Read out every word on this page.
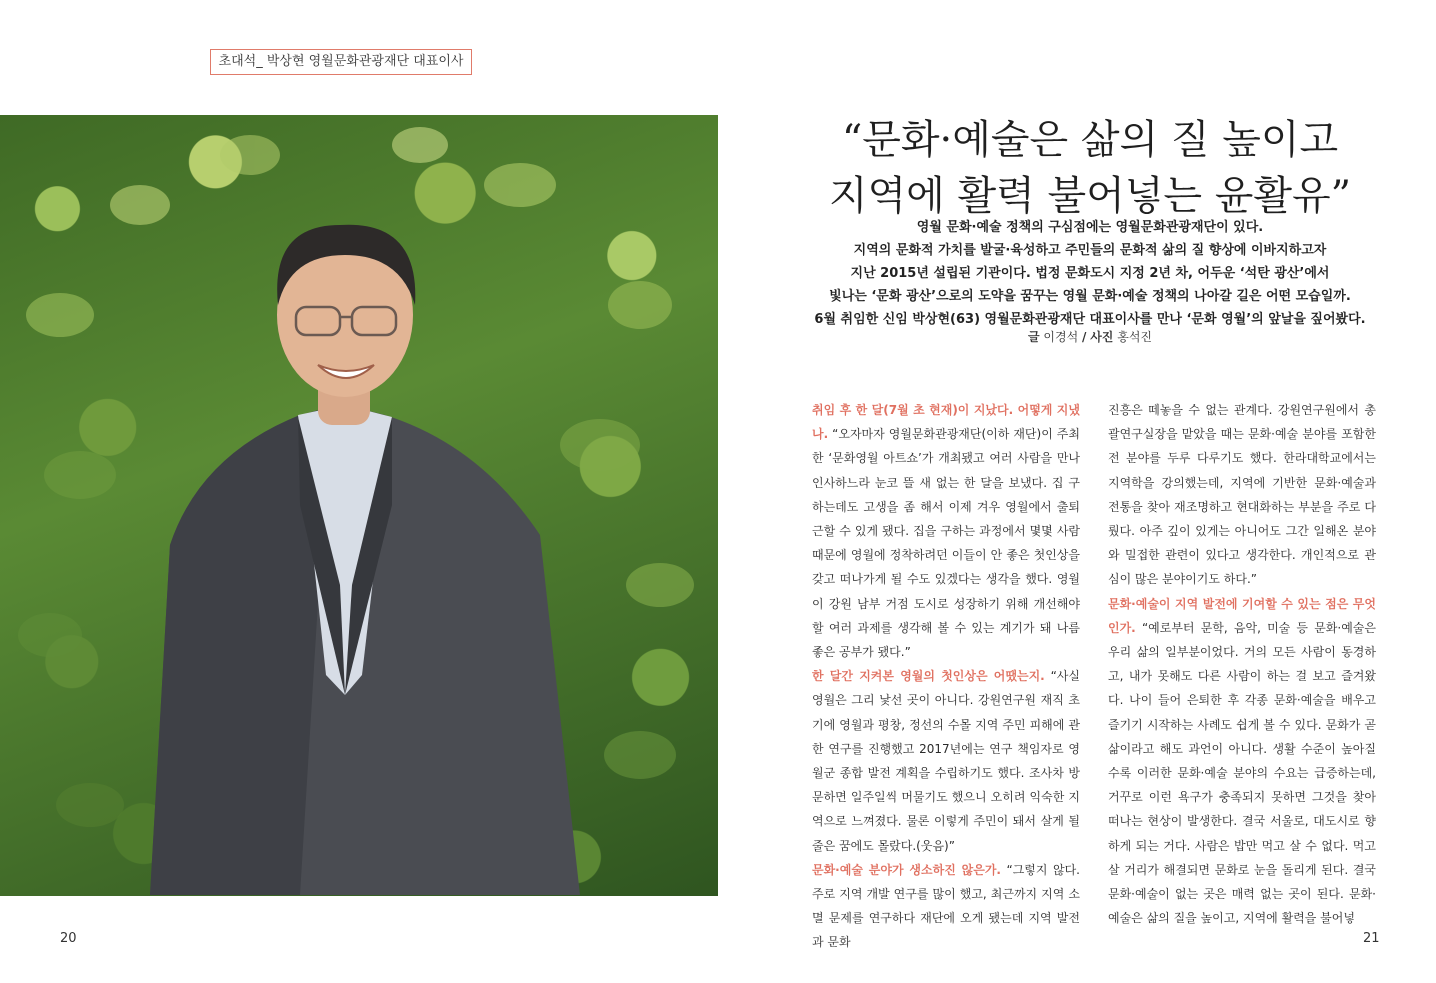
초대석_ 박상현 영월문화관광재단 대표이사
20	21
“문화·예술은 삶의 질 높이고
지역에 활력 불어넣는 윤활유”
영월 문화·예술 정책의 구심점에는 영월문화관광재단이 있다.
지역의 문화적 가치를 발굴·육성하고 주민들의 문화적 삶의 질 향상에 이바지하고자
지난 2015년 설립된 기관이다. 법정 문화도시 지정 2년 차, 어두운 ‘석탄 광산’에서
빛나는 ‘문화 광산’으로의 도약을 꿈꾸는 영월 문화·예술 정책의 나아갈 길은 어떤 모습일까.
6월 취임한 신임 박상현(63) 영월문화관광재단 대표이사를 만나 ‘문화 영월’의 앞날을 짚어봤다.
글 이경석 / 사진 홍석진

취임 후 한 달(7월 초 현재)이 지났다. 어떻게 지냈나. “오자마자 영월문화관광재단(이하 재단)이 주최한 ‘문화영월 아트쇼’가 개최됐고 여러 사람을 만나 인사하느라 눈코 뜰 새 없는 한 달을 보냈다. 집 구하는데도 고생을 좀 해서 이제 겨우 영월에서 출퇴근할 수 있게 됐다. 집을 구하는 과정에서 몇몇 사람 때문에 영월에 정착하려던 이들이 안 좋은 첫인상을 갖고 떠나가게 될 수도 있겠다는 생각을 했다. 영월이 강원 남부 거점 도시로 성장하기 위해 개선해야 할 여러 과제를 생각해 볼 수 있는 계기가 돼 나름 좋은 공부가 됐다.”

한 달간 지켜본 영월의 첫인상은 어땠는지. “사실 영월은 그리 낯선 곳이 아니다. 강원연구원 재직 초기에 영월과 평창, 정선의 수몰 지역 주민 피해에 관한 연구를 진행했고 2017년에는 연구 책임자로 영월군 종합 발전 계획을 수립하기도 했다. 조사차 방문하면 일주일씩 머물기도 했으니 오히려 익숙한 지역으로 느껴졌다. 물론 이렇게 주민이 돼서 살게 될 줄은 꿈에도 몰랐다.(웃음)”

문화·예술 분야가 생소하진 않은가. “그렇지 않다. 주로 지역 개발 연구를 많이 했고, 최근까지 지역 소멸 문제를 연구하다 재단에 오게 됐는데 지역 발전과 문화

진흥은 떼놓을 수 없는 관계다. 강원연구원에서 총괄연구실장을 맡았을 때는 문화·예술 분야를 포함한 전 분야를 두루 다루기도 했다. 한라대학교에서는 지역학을 강의했는데, 지역에 기반한 문화·예술과 전통을 찾아 재조명하고 현대화하는 부분을 주로 다뤘다. 아주 깊이 있게는 아니어도 그간 일해온 분야와 밀접한 관련이 있다고 생각한다. 개인적으로 관심이 많은 분야이기도 하다.”

문화·예술이 지역 발전에 기여할 수 있는 점은 무엇인가. “예로부터 문학, 음악, 미술 등 문화·예술은 우리 삶의 일부분이었다. 거의 모든 사람이 동경하고, 내가 못해도 다른 사람이 하는 걸 보고 즐겨왔다. 나이 들어 은퇴한 후 각종 문화·예술을 배우고 즐기기 시작하는 사례도 쉽게 볼 수 있다. 문화가 곧 삶이라고 해도 과언이 아니다. 생활 수준이 높아질수록 이러한 문화·예술 분야의 수요는 급증하는데, 거꾸로 이런 욕구가 충족되지 못하면 그것을 찾아 떠나는 현상이 발생한다. 결국 서울로, 대도시로 향하게 되는 거다. 사람은 밥만 먹고 살 수 없다. 먹고 살 거리가 해결되면 문화로 눈을 돌리게 된다. 결국 문화·예술이 없는 곳은 매력 없는 곳이 된다. 문화·예술은 삶의 질을 높이고, 지역에 활력을 불어넣
